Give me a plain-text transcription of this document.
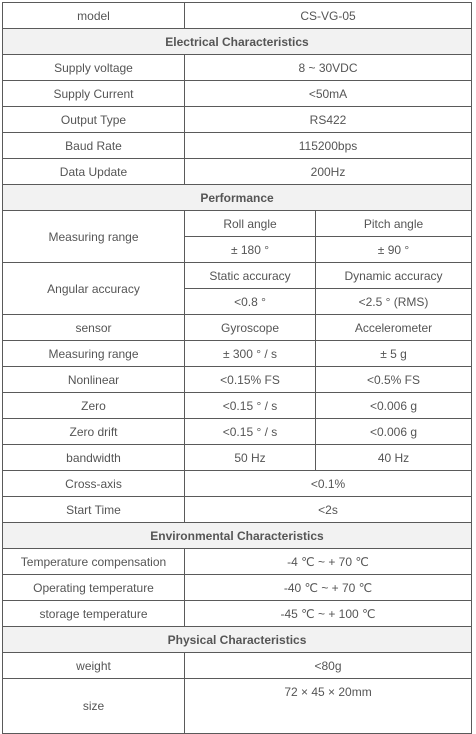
model	CS-VG-05	
Electrical Characteristics		
Supply voltage	8 ~ 30VDC	
Supply Current	<50mA	
Output Type	RS422	
Baud Rate	115200bps	
Data Update	200Hz	
Performance		
Measuring range	Roll angle	Pitch angle
	± 180 °	± 90 °
Angular accuracy	Static accuracy	Dynamic accuracy
	<0.8 °	<2.5 ° (RMS)
sensor	Gyroscope	Accelerometer
Measuring range	± 300 ° / s	± 5 g
Nonlinear	<0.15% FS	<0.5% FS
Zero	<0.15 ° / s	<0.006 g
Zero drift	<0.15 ° / s	<0.006 g
bandwidth	50 Hz	40 Hz
Cross-axis	<0.1%	
Start Time	<2s	
Environmental Characteristics		
Temperature compensation	-4 ℃ ~ + 70 ℃	
Operating temperature	-40 ℃ ~ + 70 ℃	
storage temperature	-45 ℃ ~ + 100 ℃	
Physical Characteristics		
weight	<80g	
size	72 × 45 × 20mm	
